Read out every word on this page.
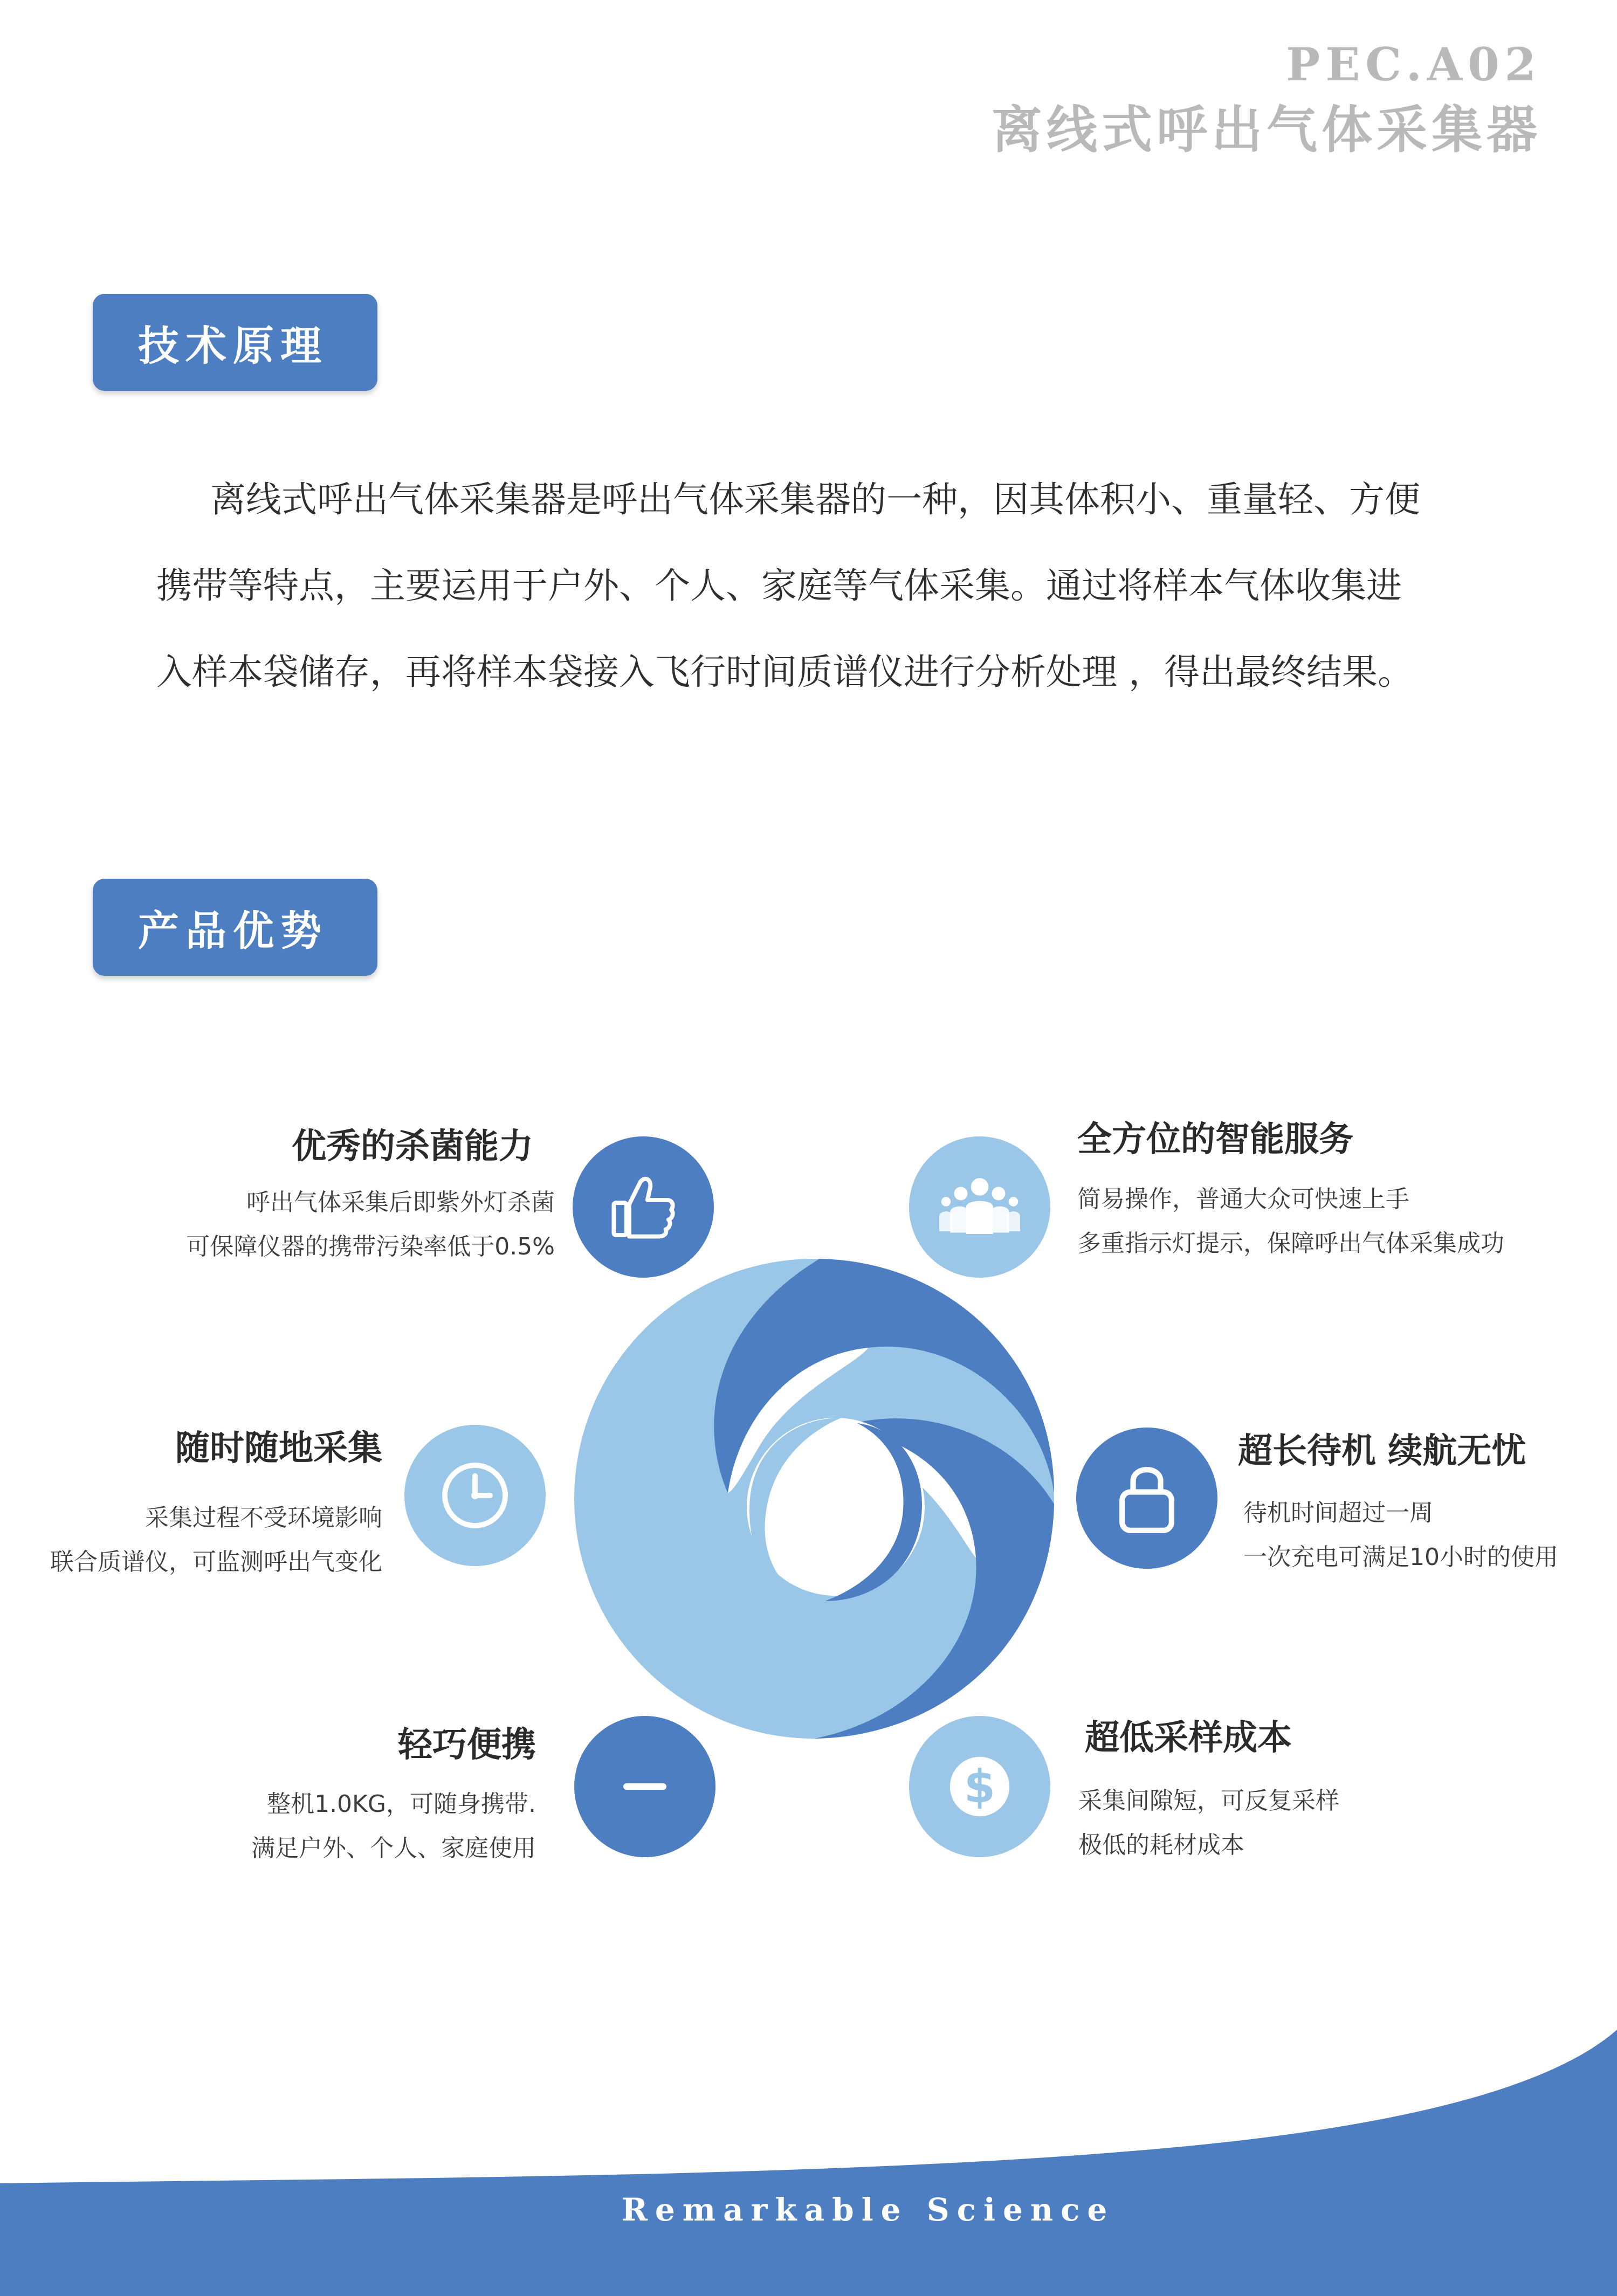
PEC.A02
离线式呼出气体采集器
技术原理

离线式呼出气体采集器是呼出气体采集器的一种，因其体积小、重量轻、方便

携带等特点，主要运用于户外、个人、家庭等气体采集。通过将样本气体收集进

入样本袋储存，再将样本袋接入飞行时间质谱仪进行分析处理 ，得出最终结果。

产品优势
优秀的杀菌能力
呼出气体采集后即紫外灯杀菌
可保障仪器的携带污染率低于0.5%
全方位的智能服务
简易操作，普通大众可快速上手
多重指示灯提示，保障呼出气体采集成功
随时随地采集
采集过程不受环境影响
联合质谱仪，可监测呼出气变化
超长待机 续航无忧
待机时间超过一周
一次充电可满足10小时的使用
轻巧便携
整机1.0KG，可随身携带.
满足户外、个人、家庭使用
超低采样成本
采集间隙短，可反复采样
极低的耗材成本
$
Remarkable Science
